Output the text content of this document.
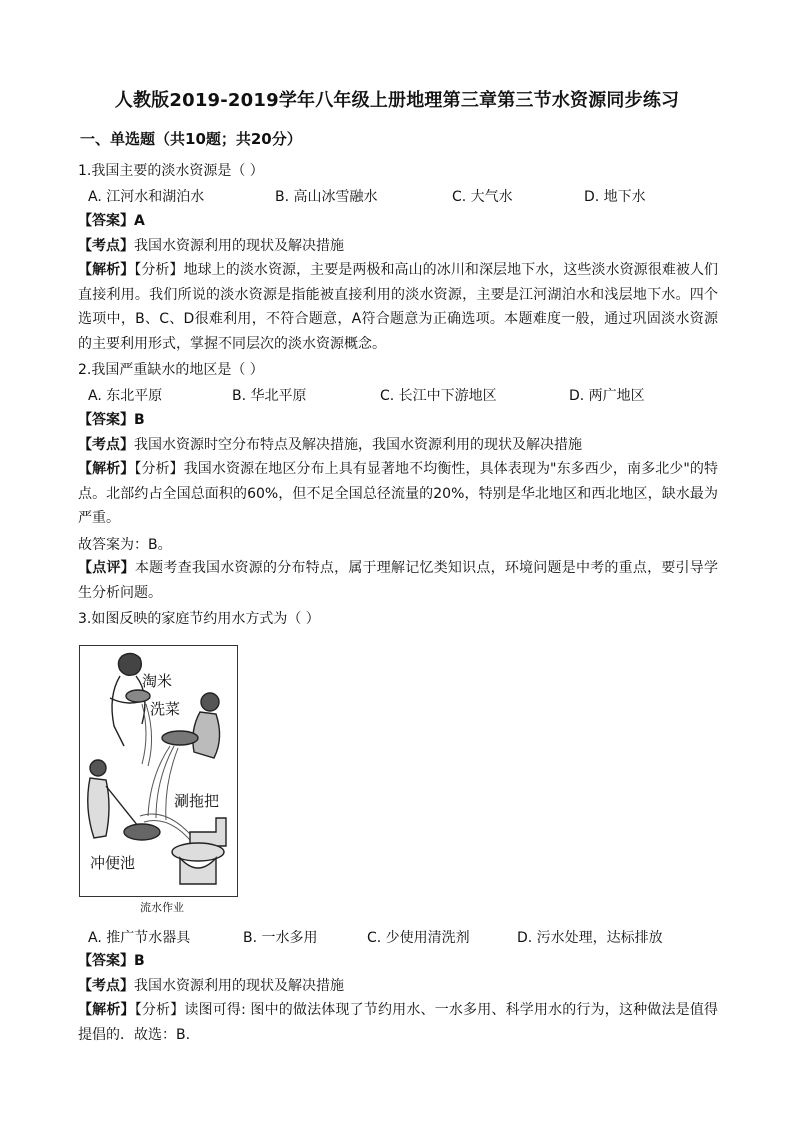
人教版2019-2019学年八年级上册地理第三章第三节水资源同步练习
一、单选题（共10题；共20分）
1.我国主要的淡水资源是（ ）
A. 江河水和湖泊水	B. 高山冰雪融水	C. 大气水	D. 地下水
【答案】A
【考点】我国水资源利用的现状及解决措施
【解析】【分析】地球上的淡水资源，主要是两极和高山的冰川和深层地下水，这些淡水资源很难被人们直接利用。我们所说的淡水资源是指能被直接利用的淡水资源，主要是江河湖泊水和浅层地下水。四个选项中，B、C、D很难利用，不符合题意，A符合题意为正确选项。本题难度一般，通过巩固淡水资源的主要利用形式，掌握不同层次的淡水资源概念。
2.我国严重缺水的地区是（ ）
A. 东北平原	B. 华北平原	C. 长江中下游地区	D. 两广地区
【答案】B
【考点】我国水资源时空分布特点及解决措施，我国水资源利用的现状及解决措施
【解析】【分析】我国水资源在地区分布上具有显著地不均衡性，具体表现为"东多西少，南多北少"的特点。北部约占全国总面积的60%，但不足全国总径流量的20%，特别是华北地区和西北地区，缺水最为严重。
故答案为：B。
【点评】本题考查我国水资源的分布特点，属于理解记忆类知识点，环境问题是中考的重点，要引导学生分析问题。
3.如图反映的家庭节约用水方式为（ ）
淘米
洗菜
涮拖把
冲便池
流水作业
A. 推广节水器具	B. 一水多用	C. 少使用清洗剂	D. 污水处理，达标排放
【答案】B
【考点】我国水资源利用的现状及解决措施
【解析】【分析】读图可得: 图中的做法体现了节约用水、一水多用、科学用水的行为，这种做法是值得提倡的．故选：B.
